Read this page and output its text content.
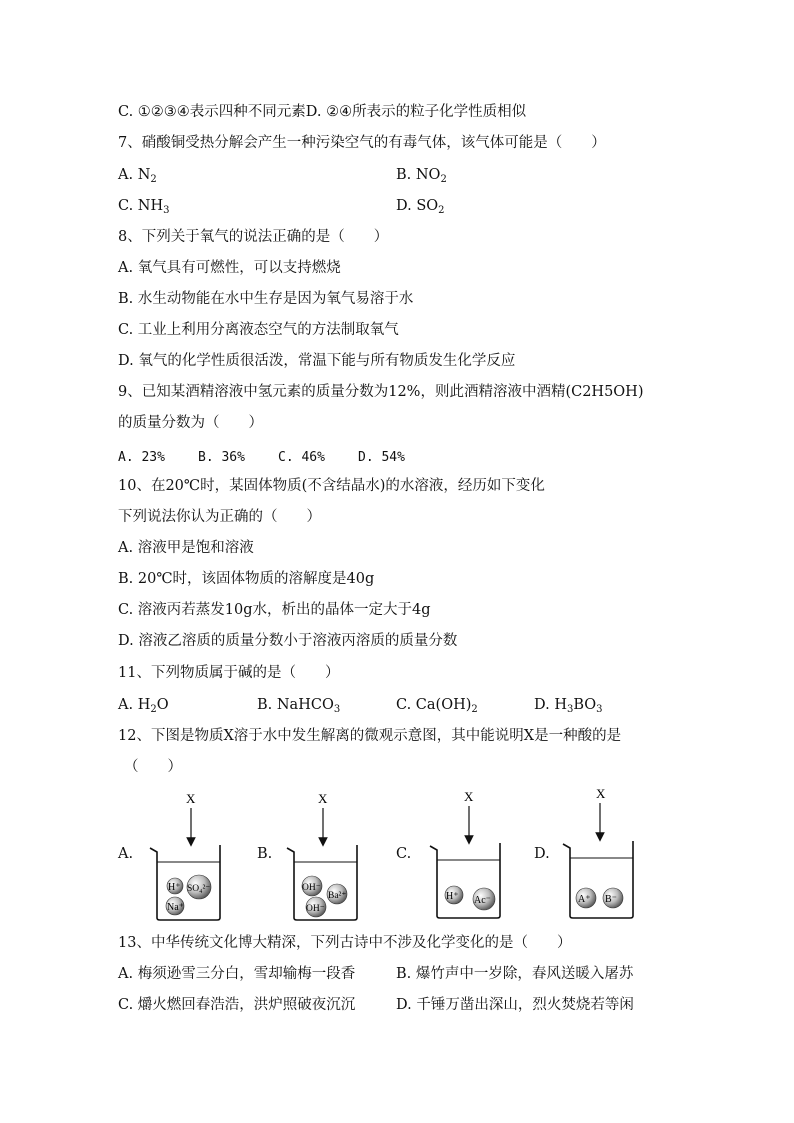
C. ①②③④表示四种不同元素D. ②④所表示的粒子化学性质相似
7、硝酸铜受热分解会产生一种污染空气的有毒气体，该气体可能是（　　）
A. $N_2$	B. $NO_2$
C. $NH_3$	D. $SO_2$
8、下列关于氧气的说法正确的是（　　）
A. 氧气具有可燃性，可以支持燃烧
B. 水生动物能在水中生存是因为氧气易溶于水
C. 工业上利用分离液态空气的方法制取氧气
D. 氧气的化学性质很活泼，常温下能与所有物质发生化学反应
9、已知某酒精溶液中氢元素的质量分数为12%，则此酒精溶液中酒精(C2H5OH)
的质量分数为（　　）
A. 23%	B. 36%	C. 46%	D. 54%
10、在20℃时，某固体物质(不含结晶水)的水溶液，经历如下变化
下列说法你认为正确的（　　）
A. 溶液甲是饱和溶液
B. 20℃时，该固体物质的溶解度是40g
C. 溶液丙若蒸发10g水，析出的晶体一定大于4g
D. 溶液乙溶质的质量分数小于溶液丙溶质的质量分数
11、下列物质属于碱的是（　　）
A. $H_2O$	B. NaHCO$_3$	C. $Ca(OH)_2$	D. $H_3BO_3$
12、下图是物质X溶于水中发生解离的微观示意图，其中能说明X是一种酸的是
（　　）
A.	B.	C.	D.
X
H⁺ SO₄²⁻
Na⁺
X
OH⁻
Ba²⁺
OH⁻
X
H⁺ Ac⁻
X
A⁺ B⁻
13、中华传统文化博大精深，下列古诗中不涉及化学变化的是（　　）
A. 梅须逊雪三分白，雪却输梅一段香	B. 爆竹声中一岁除，春风送暖入屠苏
C. 爝火燃回春浩浩，洪炉照破夜沉沉	D. 千锤万凿出深山，烈火焚烧若等闲
